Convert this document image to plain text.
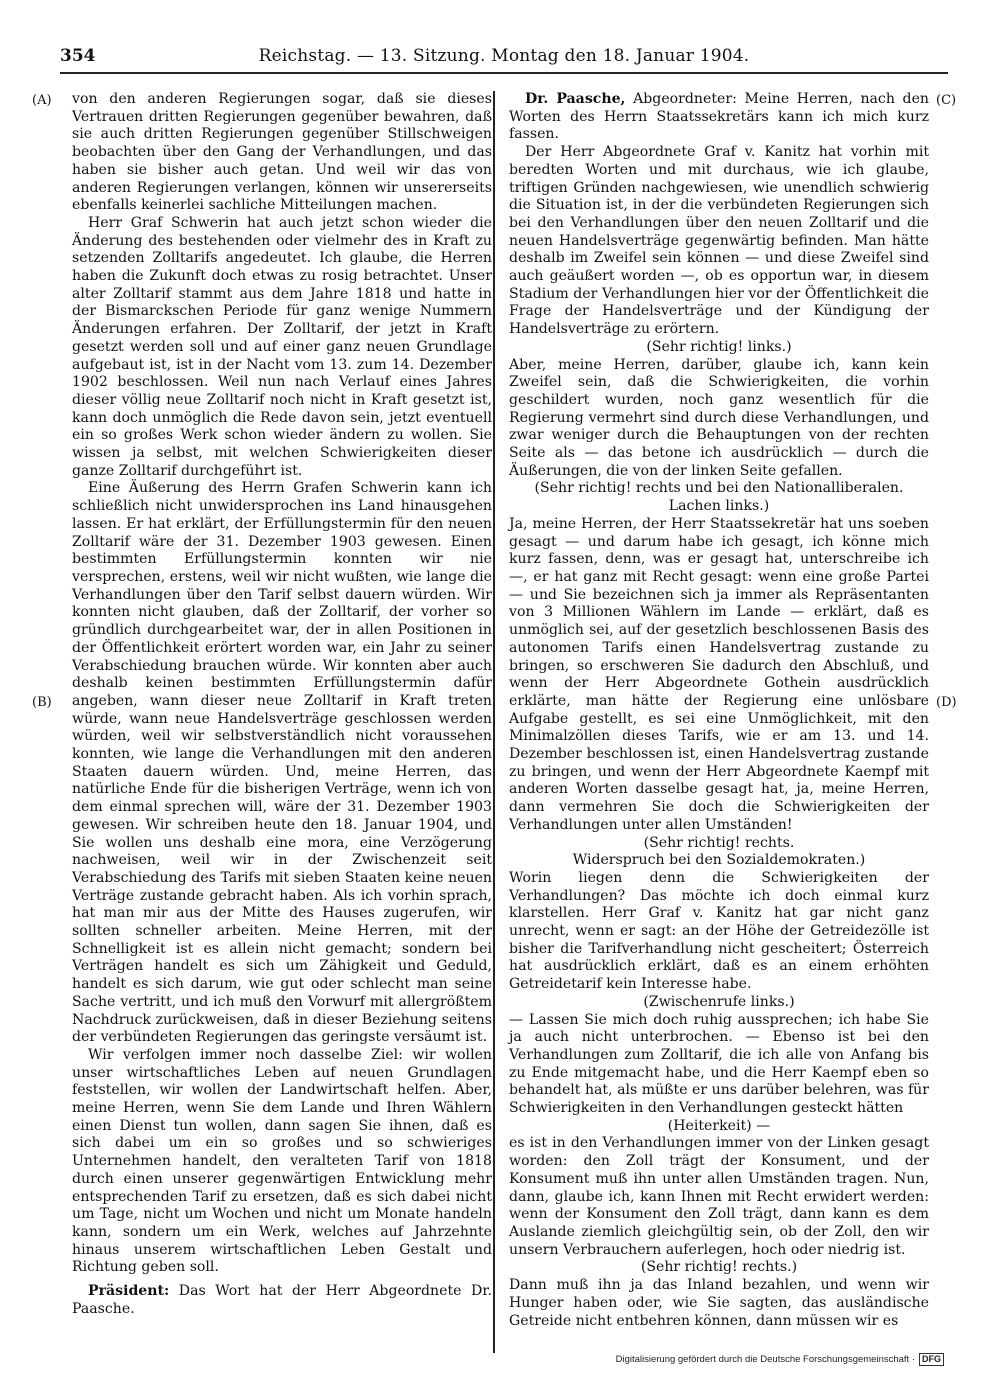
354	Reichstag. — 13. Sitzung. Montag den 18. Januar 1904.
(A)
(B)
(C)
(D)

von den anderen Regierungen sogar, daß sie dieses Vertrauen dritten Regierungen gegenüber bewahren, daß sie auch dritten Regierungen gegenüber Stillschweigen beobachten über den Gang der Verhandlungen, und das haben sie bisher auch getan. Und weil wir das von anderen Regierungen verlangen, können wir unsererseits ebenfalls keinerlei sachliche Mitteilungen machen.

Herr Graf Schwerin hat auch jetzt schon wieder die Änderung des bestehenden oder vielmehr des in Kraft zu setzenden Zolltarifs angedeutet. Ich glaube, die Herren haben die Zukunft doch etwas zu rosig betrachtet. Unser alter Zolltarif stammt aus dem Jahre 1818 und hatte in der Bismarckschen Periode für ganz wenige Nummern Änderungen erfahren. Der Zolltarif, der jetzt in Kraft gesetzt werden soll und auf einer ganz neuen Grundlage aufgebaut ist, ist in der Nacht vom 13. zum 14. Dezember 1902 beschlossen. Weil nun nach Verlauf eines Jahres dieser völlig neue Zolltarif noch nicht in Kraft gesetzt ist, kann doch unmöglich die Rede davon sein, jetzt eventuell ein so großes Werk schon wieder ändern zu wollen. Sie wissen ja selbst, mit welchen Schwierigkeiten dieser ganze Zolltarif durchgeführt ist.

Eine Äußerung des Herrn Grafen Schwerin kann ich schließlich nicht unwidersprochen ins Land hinausgehen lassen. Er hat erklärt, der Erfüllungstermin für den neuen Zolltarif wäre der 31. Dezember 1903 gewesen. Einen bestimmten Erfüllungstermin konnten wir nie versprechen, erstens, weil wir nicht wußten, wie lange die Verhandlungen über den Tarif selbst dauern würden. Wir konnten nicht glauben, daß der Zolltarif, der vorher so gründlich durchgearbeitet war, der in allen Positionen in der Öffentlichkeit erörtert worden war, ein Jahr zu seiner Verabschiedung brauchen würde. Wir konnten aber auch deshalb keinen bestimmten Erfüllungstermin dafür angeben, wann dieser neue Zolltarif in Kraft treten würde, wann neue Handelsverträge geschlossen werden würden, weil wir selbstverständlich nicht voraussehen konnten, wie lange die Verhandlungen mit den anderen Staaten dauern würden. Und, meine Herren, das natürliche Ende für die bisherigen Verträge, wenn ich von dem einmal sprechen will, wäre der 31. Dezember 1903 gewesen. Wir schreiben heute den 18. Januar 1904, und Sie wollen uns deshalb eine mora, eine Verzögerung nachweisen, weil wir in der Zwischenzeit seit Verabschiedung des Tarifs mit sieben Staaten keine neuen Verträge zustande gebracht haben. Als ich vorhin sprach, hat man mir aus der Mitte des Hauses zugerufen, wir sollten schneller arbeiten. Meine Herren, mit der Schnelligkeit ist es allein nicht gemacht; sondern bei Verträgen handelt es sich um Zähigkeit und Geduld, handelt es sich darum, wie gut oder schlecht man seine Sache vertritt, und ich muß den Vorwurf mit allergrößtem Nachdruck zurückweisen, daß in dieser Beziehung seitens der verbündeten Regierungen das geringste versäumt ist.

Wir verfolgen immer noch dasselbe Ziel: wir wollen unser wirtschaftliches Leben auf neuen Grundlagen feststellen, wir wollen der Landwirtschaft helfen. Aber, meine Herren, wenn Sie dem Lande und Ihren Wählern einen Dienst tun wollen, dann sagen Sie ihnen, daß es sich dabei um ein so großes und so schwieriges Unternehmen handelt, den veralteten Tarif von 1818 durch einen unserer gegenwärtigen Entwicklung mehr entsprechenden Tarif zu ersetzen, daß es sich dabei nicht um Tage, nicht um Wochen und nicht um Monate handeln kann, sondern um ein Werk, welches auf Jahrzehnte hinaus unserem wirtschaftlichen Leben Gestalt und Richtung geben soll.

Präsident: Das Wort hat der Herr Abgeordnete Dr. Paasche.

Dr. Paasche, Abgeordneter: Meine Herren, nach den Worten des Herrn Staatssekretärs kann ich mich kurz fassen.

Der Herr Abgeordnete Graf v. Kanitz hat vorhin mit beredten Worten und mit durchaus, wie ich glaube, triftigen Gründen nachgewiesen, wie unendlich schwierig die Situation ist, in der die verbündeten Regierungen sich bei den Verhandlungen über den neuen Zolltarif und die neuen Handelsverträge gegenwärtig befinden. Man hätte deshalb im Zweifel sein können — und diese Zweifel sind auch geäußert worden —, ob es opportun war, in diesem Stadium der Verhandlungen hier vor der Öffentlichkeit die Frage der Handelsverträge und der Kündigung der Handelsverträge zu erörtern.

(Sehr richtig! links.)

Aber, meine Herren, darüber, glaube ich, kann kein Zweifel sein, daß die Schwierigkeiten, die vorhin geschildert wurden, noch ganz wesentlich für die Regierung vermehrt sind durch diese Verhandlungen, und zwar weniger durch die Behauptungen von der rechten Seite als — das betone ich ausdrücklich — durch die Äußerungen, die von der linken Seite gefallen.

(Sehr richtig! rechts und bei den Nationalliberalen.

Lachen links.)

Ja, meine Herren, der Herr Staatssekretär hat uns soeben gesagt — und darum habe ich gesagt, ich könne mich kurz fassen, denn, was er gesagt hat, unterschreibe ich —, er hat ganz mit Recht gesagt: wenn eine große Partei — und Sie bezeichnen sich ja immer als Repräsentanten von 3 Millionen Wählern im Lande — erklärt, daß es unmöglich sei, auf der gesetzlich beschlossenen Basis des autonomen Tarifs einen Handelsvertrag zustande zu bringen, so erschweren Sie dadurch den Abschluß, und wenn der Herr Abgeordnete Gothein ausdrücklich erklärte, man hätte der Regierung eine unlösbare Aufgabe gestellt, es sei eine Unmöglichkeit, mit den Minimalzöllen dieses Tarifs, wie er am 13. und 14. Dezember beschlossen ist, einen Handelsvertrag zustande zu bringen, und wenn der Herr Abgeordnete Kaempf mit anderen Worten dasselbe gesagt hat, ja, meine Herren, dann vermehren Sie doch die Schwierigkeiten der Verhandlungen unter allen Umständen!

(Sehr richtig! rechts.

Widerspruch bei den Sozialdemokraten.)

Worin liegen denn die Schwierigkeiten der Verhandlungen? Das möchte ich doch einmal kurz klarstellen. Herr Graf v. Kanitz hat gar nicht ganz unrecht, wenn er sagt: an der Höhe der Getreidezölle ist bisher die Tarifverhandlung nicht gescheitert; Österreich hat ausdrücklich erklärt, daß es an einem erhöhten Getreidetarif kein Interesse habe.

(Zwischenrufe links.)

— Lassen Sie mich doch ruhig aussprechen; ich habe Sie ja auch nicht unterbrochen. — Ebenso ist bei den Verhandlungen zum Zolltarif, die ich alle von Anfang bis zu Ende mitgemacht habe, und die Herr Kaempf eben so behandelt hat, als müßte er uns darüber belehren, was für Schwierigkeiten in den Verhandlungen gesteckt hätten

(Heiterkeit) —

es ist in den Verhandlungen immer von der Linken gesagt worden: den Zoll trägt der Konsument, und der Konsument muß ihn unter allen Umständen tragen. Nun, dann, glaube ich, kann Ihnen mit Recht erwidert werden: wenn der Konsument den Zoll trägt, dann kann es dem Auslande ziemlich gleichgültig sein, ob der Zoll, den wir unsern Verbrauchern auferlegen, hoch oder niedrig ist.

(Sehr richtig! rechts.)

Dann muß ihn ja das Inland bezahlen, und wenn wir Hunger haben oder, wie Sie sagten, das ausländische Getreide nicht entbehren können, dann müssen wir es

Digitalisierung gefördert durch die Deutsche Forschungsgemeinschaft · DFG
